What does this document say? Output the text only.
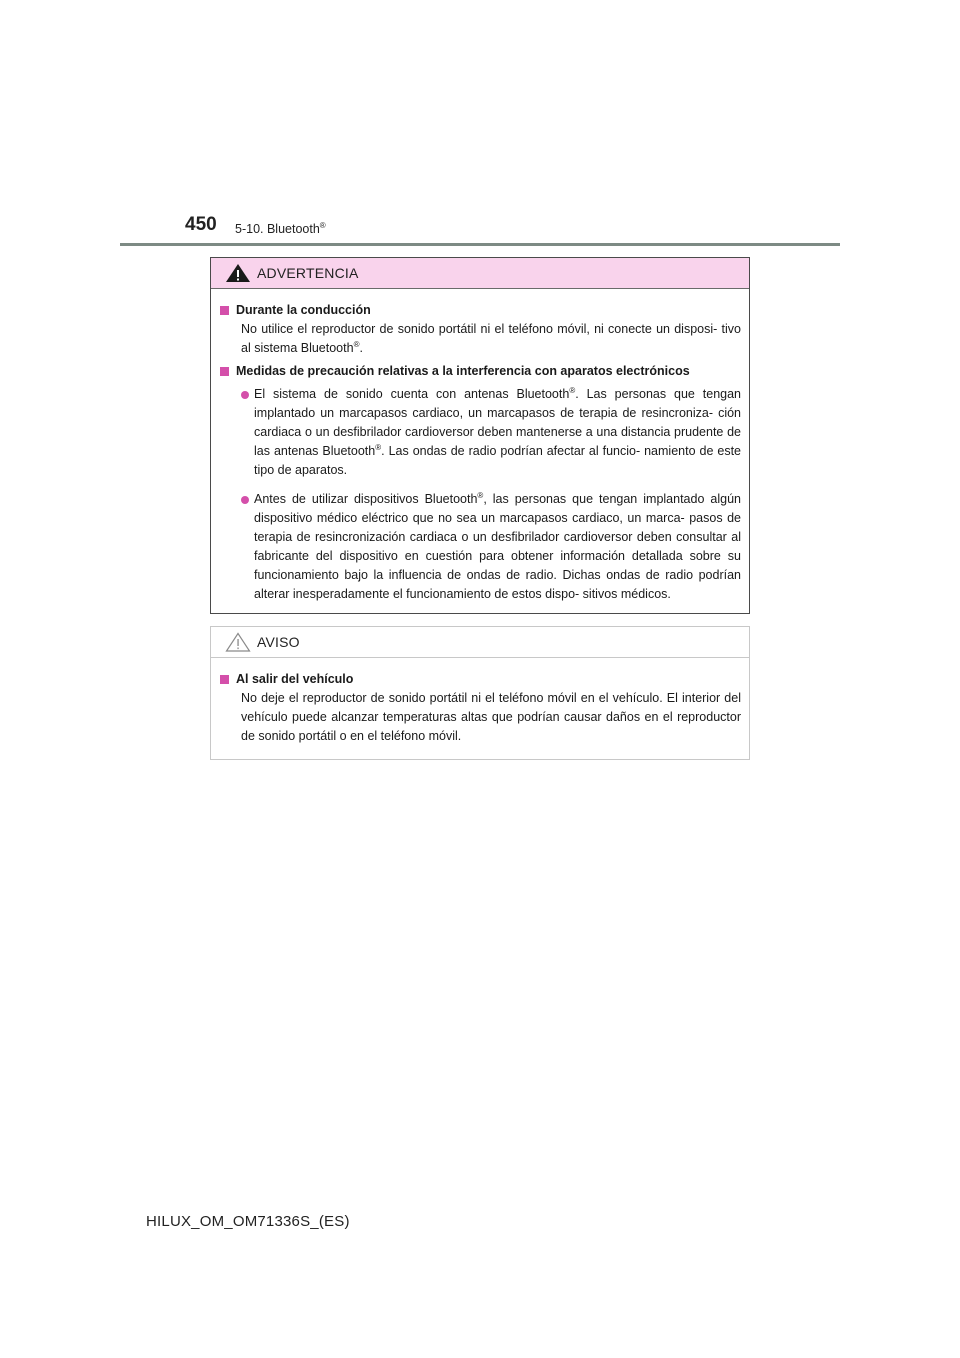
450 5-10. Bluetooth®
ADVERTENCIA
Durante la conducción
No utilice el reproductor de sonido portátil ni el teléfono móvil, ni conecte un disposi- tivo al sistema Bluetooth®.
Medidas de precaución relativas a la interferencia con aparatos electrónicos
El sistema de sonido cuenta con antenas Bluetooth®. Las personas que tengan implantado un marcapasos cardiaco, un marcapasos de terapia de resincroniza- ción cardiaca o un desfibrilador cardioversor deben mantenerse a una distancia prudente de las antenas Bluetooth®. Las ondas de radio podrían afectar al funcio- namiento de este tipo de aparatos.
Antes de utilizar dispositivos Bluetooth®, las personas que tengan implantado algún dispositivo médico eléctrico que no sea un marcapasos cardiaco, un marca- pasos de terapia de resincronización cardiaca o un desfibrilador cardioversor deben consultar al fabricante del dispositivo en cuestión para obtener información detallada sobre su funcionamiento bajo la influencia de ondas de radio. Dichas ondas de radio podrían alterar inesperadamente el funcionamiento de estos dispo- sitivos médicos.
AVISO
Al salir del vehículo
No deje el reproductor de sonido portátil ni el teléfono móvil en el vehículo. El interior del vehículo puede alcanzar temperaturas altas que podrían causar daños en el reproductor de sonido portátil o en el teléfono móvil.
HILUX_OM_OM71336S_(ES)
